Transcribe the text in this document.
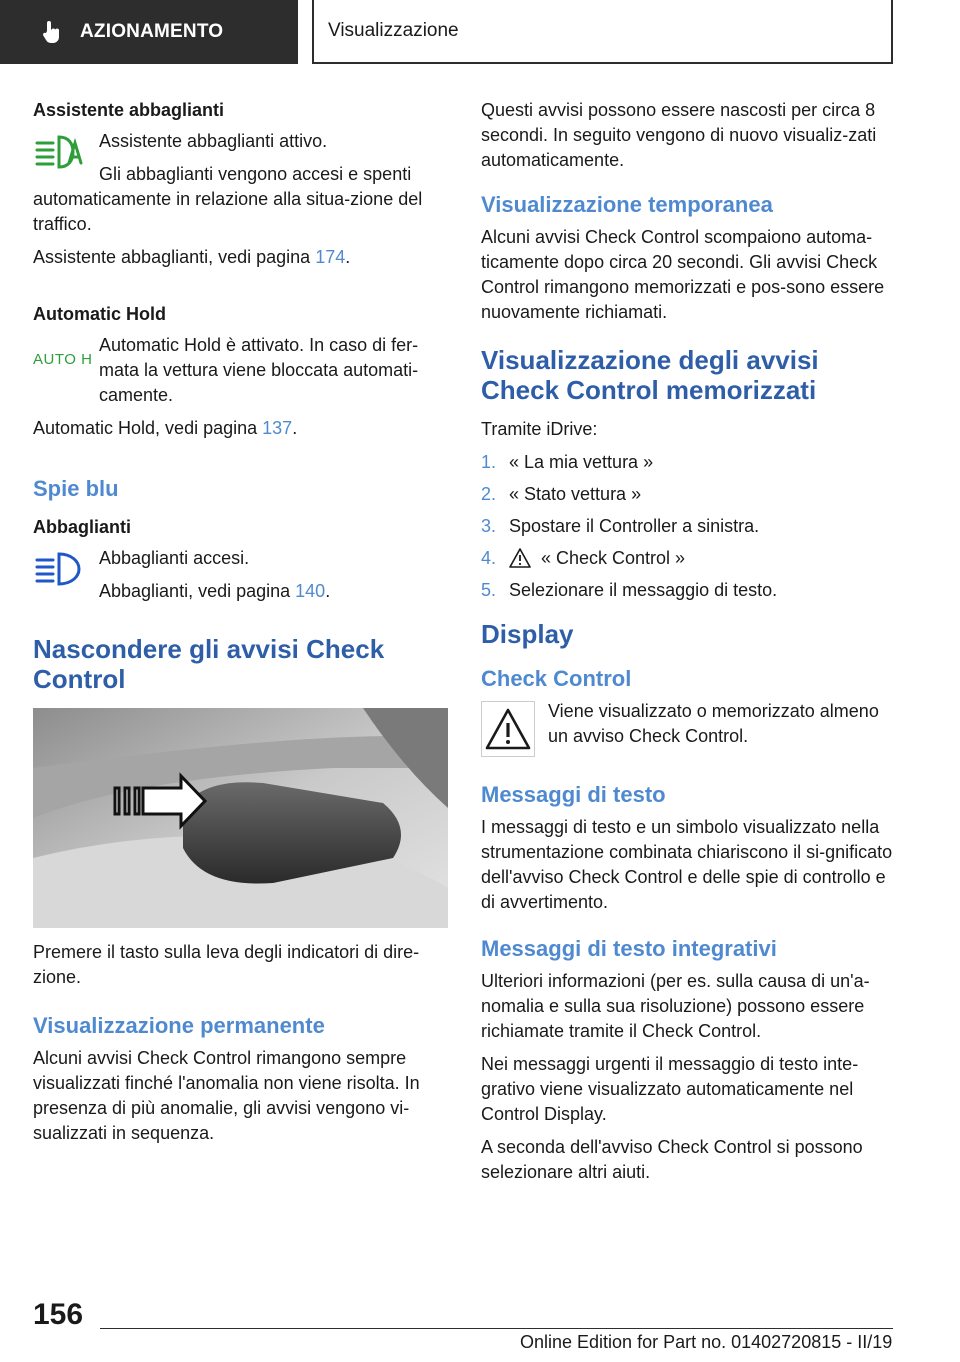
AZIONAMENTO	Visualizzazione
Assistente abbaglianti

Assistente abbaglianti attivo.

Gli abbaglianti vengono accesi e spenti automaticamente in relazione alla situa-zione del traffico.

Assistente abbaglianti, vedi pagina 174.

Automatic Hold
AUTO H

Automatic Hold è attivato. In caso di fer-mata la vettura viene bloccata automati-camente.

Automatic Hold, vedi pagina 137.

Spie blu
Abbaglianti

Abbaglianti accesi.

Abbaglianti, vedi pagina 140.

Nascondere gli avvisi Check Control

Premere il tasto sulla leva degli indicatori di dire-zione.

Visualizzazione permanente

Alcuni avvisi Check Control rimangono sempre visualizzati finché l'anomalia non viene risolta. In presenza di più anomalie, gli avvisi vengono vi-sualizzati in sequenza.

Questi avvisi possono essere nascosti per circa 8 secondi. In seguito vengono di nuovo visualiz-zati automaticamente.

Visualizzazione temporanea

Alcuni avvisi Check Control scompaiono automa-ticamente dopo circa 20 secondi. Gli avvisi Check Control rimangono memorizzati e pos-sono essere nuovamente richiamati.

Visualizzazione degli avvisi Check Control memorizzati

Tramite iDrive:

1. « La mia vettura »
2. « Stato vettura »
3. Spostare il Controller a sinistra.
4.	« Check Control »
5. Selezionare il messaggio di testo.
Display
Check Control

Viene visualizzato o memorizzato almeno un avviso Check Control.

Messaggi di testo

I messaggi di testo e un simbolo visualizzato nella strumentazione combinata chiariscono il si-gnificato dell'avviso Check Control e delle spie di controllo e di avvertimento.

Messaggi di testo integrativi

Ulteriori informazioni (per es. sulla causa di un'a-nomalia e sulla sua risoluzione) possono essere richiamate tramite il Check Control.

Nei messaggi urgenti il messaggio di testo inte-grativo viene visualizzato automaticamente nel Control Display.

A seconda dell'avviso Check Control si possono selezionare altri aiuti.

156
Online Edition for Part no. 01402720815 - II/19
